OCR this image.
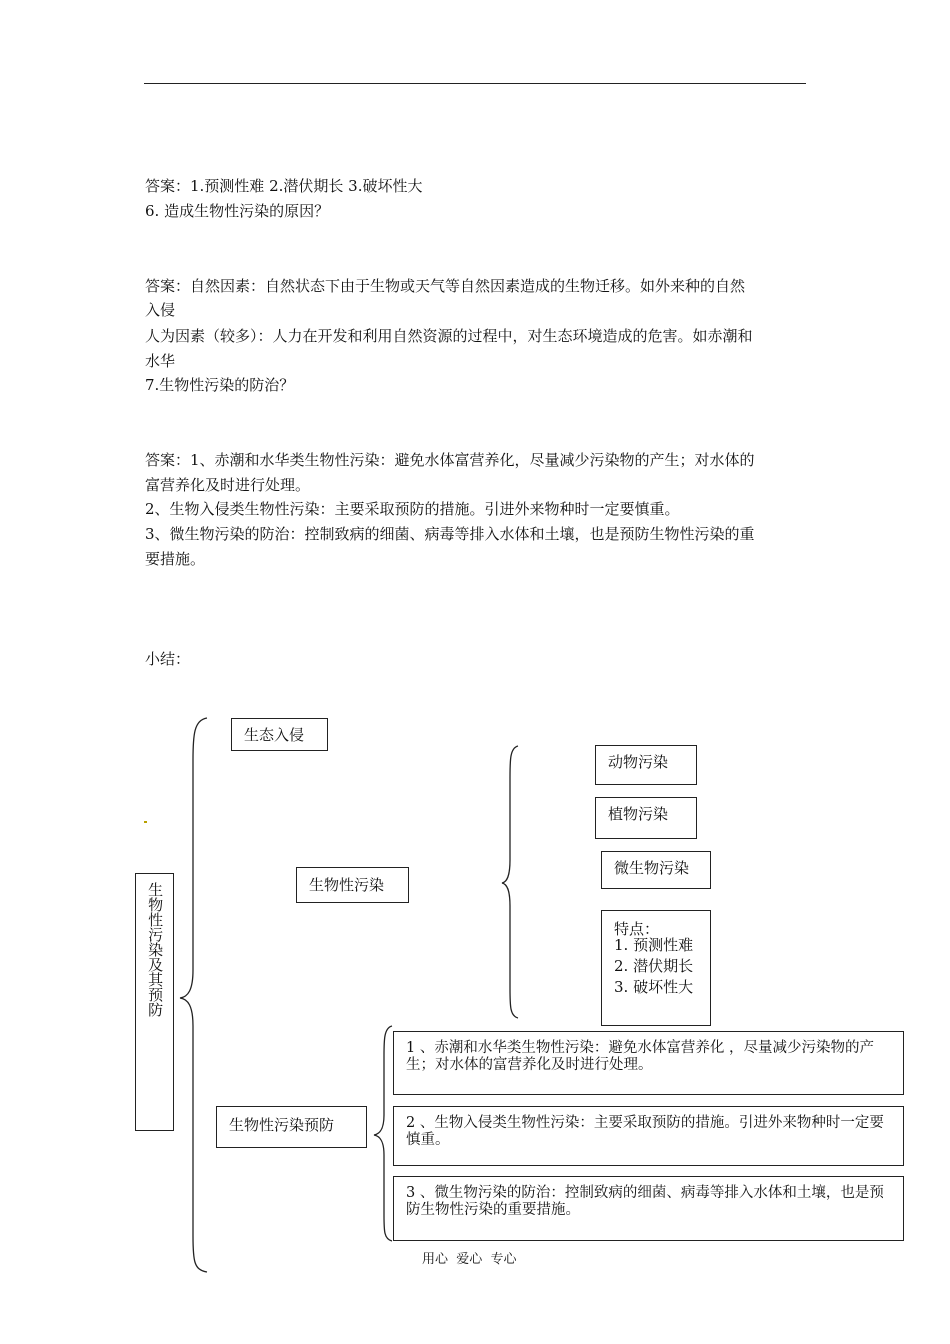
答案：1.预测性难 2.潜伏期长 3.破坏性大
6. 造成生物性污染的原因？
答案：自然因素：自然状态下由于生物或天气等自然因素造成的生物迁移。如外来种的自然
入侵
人为因素（较多）：人力在开发和利用自然资源的过程中，对生态环境造成的危害。如赤潮和
水华
7.生物性污染的防治？
答案：1、赤潮和水华类生物性污染：避免水体富营养化，尽量减少污染物的产生；对水体的
富营养化及时进行处理。
2、生物入侵类生物性污染：主要采取预防的措施。引进外来物种时一定要慎重。
3、微生物污染的防治：控制致病的细菌、病毒等排入水体和土壤，也是预防生物性污染的重
要措施。
小结：
生物性污染及其预防
生态入侵
生物性污染
动物污染
植物污染
微生物污染
特点：
1. 预测性难
2. 潜伏期长
3. 破坏性大
生物性污染预防
1 、赤潮和水华类生物性污染：避免水体富营养化 ，尽量减少污染物的产生；对水体的富营养化及时进行处理。
2 、生物入侵类生物性污染：主要采取预防的措施。引进外来物种时一定要慎重。
3 、微生物污染的防治：控制致病的细菌、病毒等排入水体和土壤，也是预防生物性污染的重要措施。
用心  爱心  专心
